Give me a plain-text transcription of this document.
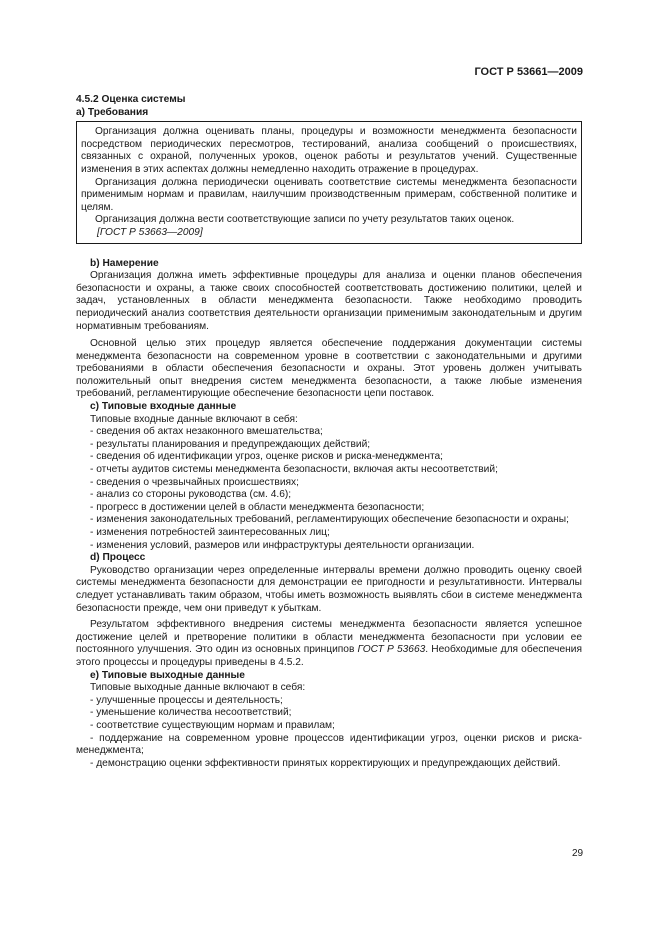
ГОСТ Р 53661—2009

4.5.2 Оценка системы

а) Требования

Организация должна оценивать планы, процедуры и возможности менеджмента безопасности посредством периодических пересмотров, тестирований, анализа сообщений о происшествиях, связанных с охраной, полученных уроков, оценок работы и результатов учений. Существенные изменения в этих аспектах должны немедленно находить отражение в процедурах.

Организация должна периодически оценивать соответствие системы менеджмента безопасности применимым нормам и правилам, наилучшим производственным примерам, собственной политике и целям.

Организация должна вести соответствующие записи по учету результатов таких оценок.

[ГОСТ Р 53663—2009]

b) Намерение

Организация должна иметь эффективные процедуры для анализа и оценки планов обеспечения безопасности и охраны, а также своих способностей соответствовать достижению политики, целей и задач, установленных в области менеджмента безопасности. Также необходимо проводить периодический анализ соответствия деятельности организации применимым законодательным и другим нормативным требованиям.

Основной целью этих процедур является обеспечение поддержания документации системы менеджмента безопасности на современном уровне в соответствии с законодательными и другими требованиями в области обеспечения безопасности и охраны. Этот уровень должен учитывать положительный опыт внедрения систем менеджмента безопасности, а также любые изменения требований, регламентирующие обеспечение безопасности цепи поставок.

c) Типовые входные данные

Типовые входные данные включают в себя:

- сведения об актах незаконного вмешательства;

- результаты планирования и предупреждающих действий;

- сведения об идентификации угроз, оценке рисков и риска-менеджмента;

- отчеты аудитов системы менеджмента безопасности, включая акты несоответствий;

- сведения о чрезвычайных происшествиях;

- анализ со стороны руководства (см. 4.6);

- прогресс в достижении целей в области менеджмента безопасности;

- изменения законодательных требований, регламентирующих обеспечение безопасности и охраны;

- изменения потребностей заинтересованных лиц;

- изменения условий, размеров или инфраструктуры деятельности организации.

d) Процесс

Руководство организации через определенные интервалы времени должно проводить оценку своей системы менеджмента безопасности для демонстрации ее пригодности и результативности. Интервалы следует устанавливать таким образом, чтобы иметь возможность выявлять сбои в системе менеджмента безопасности прежде, чем они приведут к убыткам.

Результатом эффективного внедрения системы менеджмента безопасности является успешное достижение целей и претворение политики в области менеджмента безопасности при условии ее постоянного улучшения. Это один из основных принципов ГОСТ Р 53663. Необходимые для обеспечения этого процессы и процедуры приведены в 4.5.2.

e) Типовые выходные данные

Типовые выходные данные включают в себя:

- улучшенные процессы и деятельность;

- уменьшение количества несоответствий;

- соответствие существующим нормам и правилам;

- поддержание на современном уровне процессов идентификации угроз, оценки рисков и риска-менеджмента;

- демонстрацию оценки эффективности принятых корректирующих и предупреждающих действий.

29
